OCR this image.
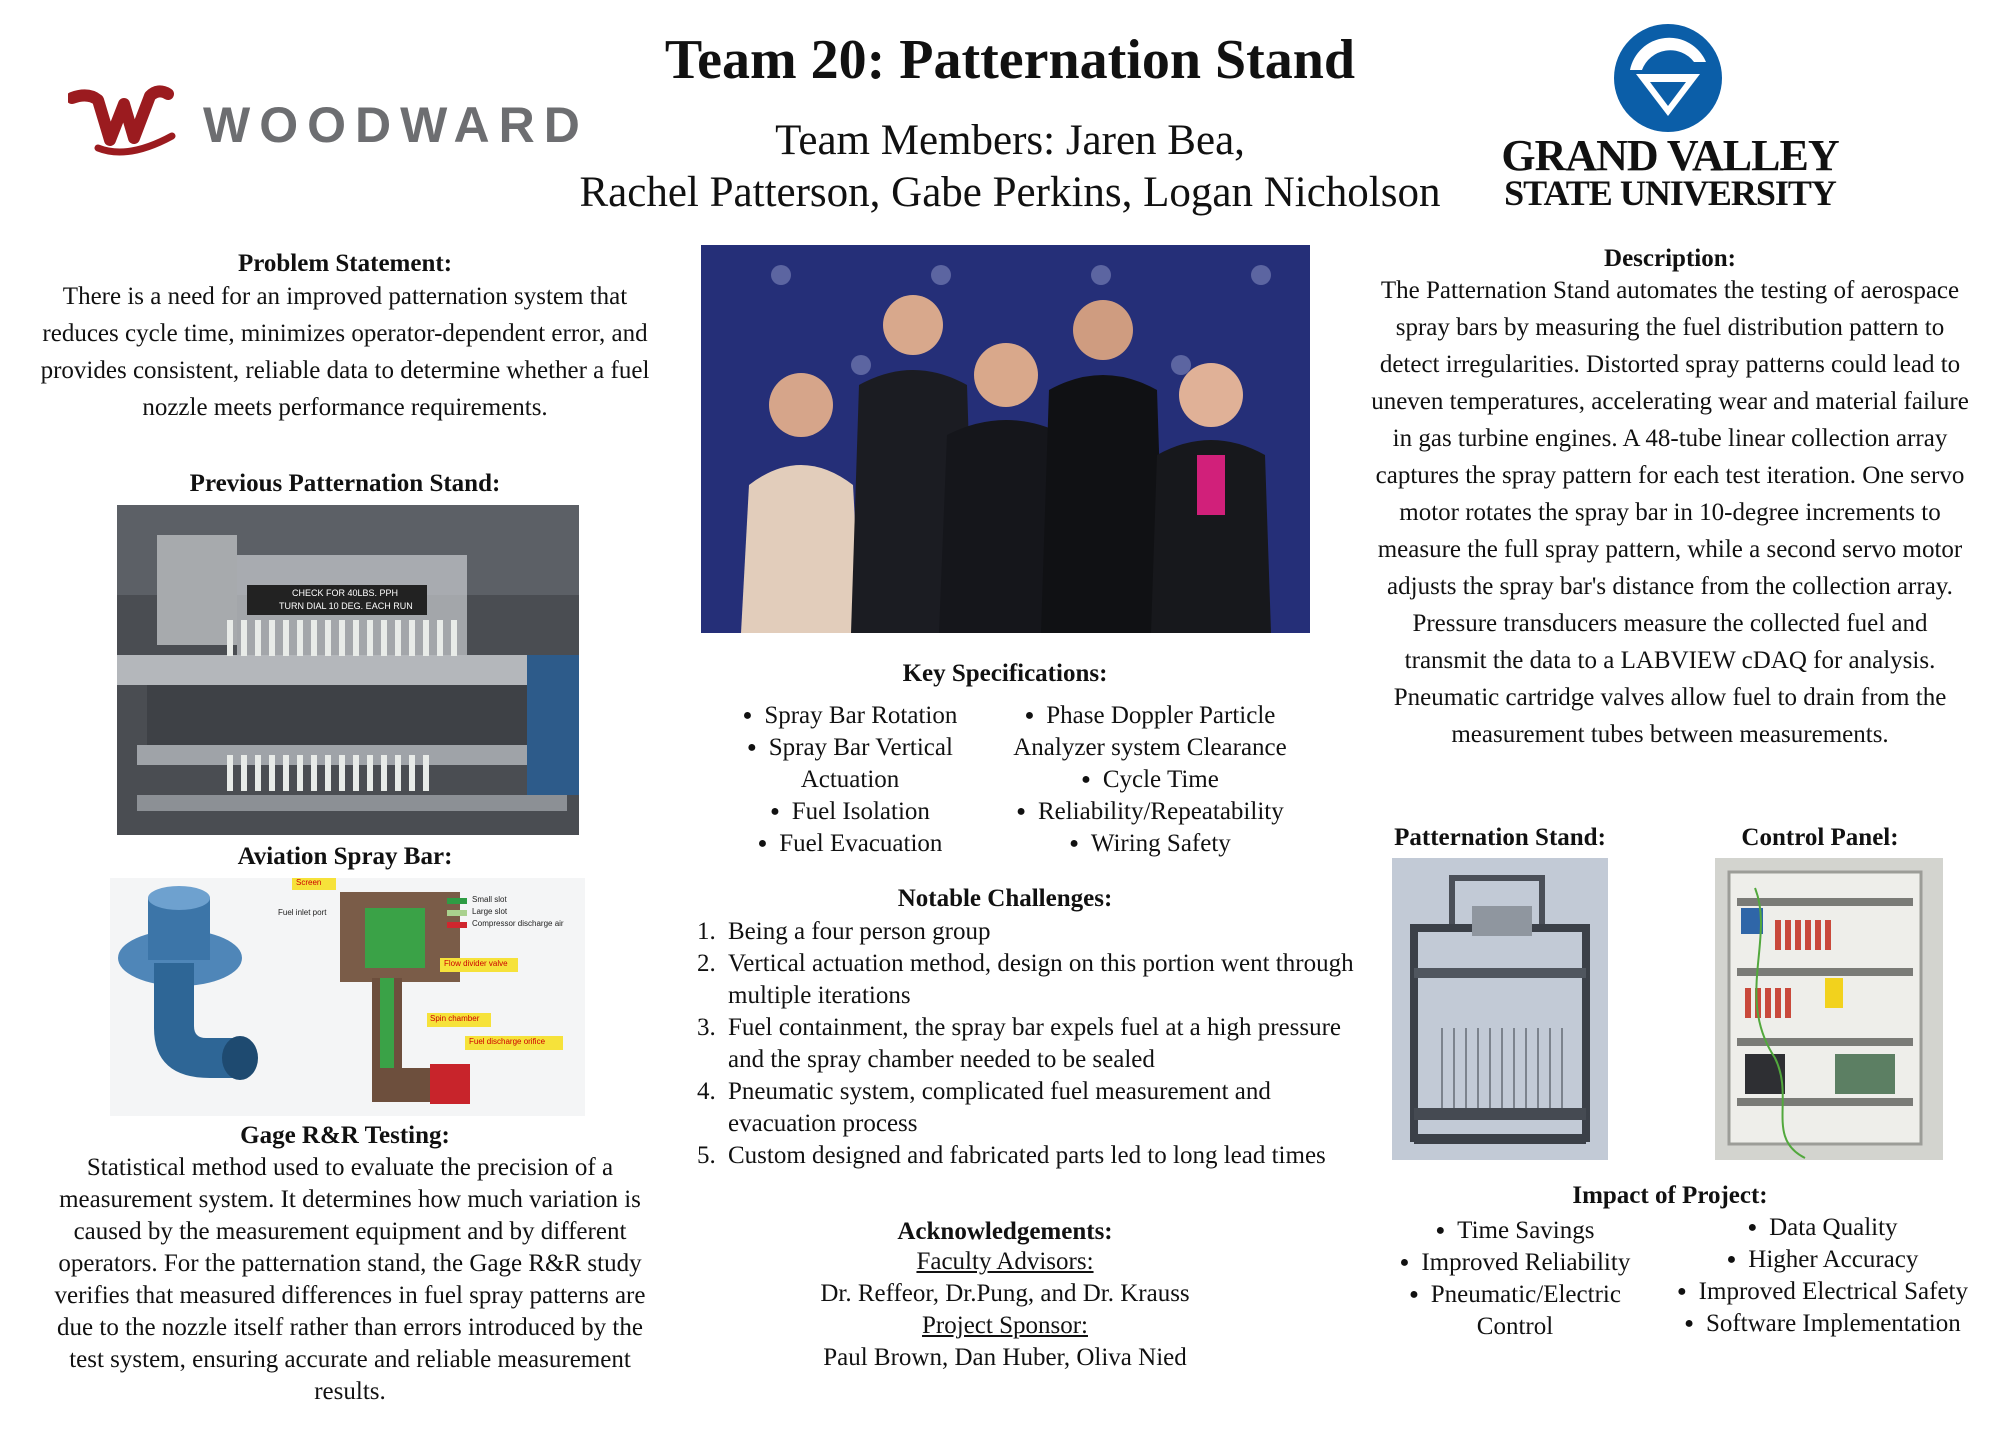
WOODWARD
Team 20: Patternation Stand
Team Members: Jaren Bea,
Rachel Patterson, Gabe Perkins, Logan Nicholson
GRAND VALLEY
STATE UNIVERSITY
Problem Statement:
There is a need for an improved patternation system that reduces cycle time, minimizes operator-dependent error, and provides consistent, reliable data to determine whether a fuel nozzle meets performance requirements.
Previous Patternation Stand:
CHECK FOR 40LBS. PPH
TURN DIAL 10 DEG. EACH RUN
Aviation Spray Bar:
Screen
Fuel inlet port
Small slot
Large slot
Compressor discharge air
Flow divider valve
Spin chamber
Fuel discharge orifice
Gage R&R Testing:
Statistical method used to evaluate the precision of a measurement system. It determines how much variation is caused by the measurement equipment and by different operators. For the patternation stand, the Gage R&R study verifies that measured differences in fuel spray patterns are due to the nozzle itself rather than errors introduced by the test system, ensuring accurate and reliable measurement results.
Key Specifications:
● Spray Bar Rotation
● Spray Bar Vertical Actuation
● Fuel Isolation
● Fuel Evacuation
● Phase Doppler Particle Analyzer system Clearance
● Cycle Time
● Reliability/Repeatability
● Wiring Safety
Notable Challenges:
1. Being a four person group
2. Vertical actuation method, design on this portion went through multiple iterations
3. Fuel containment, the spray bar expels fuel at a high pressure and the spray chamber needed to be sealed
4. Pneumatic system, complicated fuel measurement and evacuation process
5. Custom designed and fabricated parts led to long lead times
Acknowledgements:
Faculty Advisors:
Dr. Reffeor, Dr.Pung, and Dr. Krauss
Project Sponsor:
Paul Brown, Dan Huber, Oliva Nied
Description:
The Patternation Stand automates the testing of aerospace spray bars by measuring the fuel distribution pattern to detect irregularities. Distorted spray patterns could lead to uneven temperatures, accelerating wear and material failure in gas turbine engines. A 48-tube linear collection array captures the spray pattern for each test iteration. One servo motor rotates the spray bar in 10-degree increments to measure the full spray pattern, while a second servo motor adjusts the spray bar's distance from the collection array. Pressure transducers measure the collected fuel and transmit the data to a LABVIEW cDAQ for analysis. Pneumatic cartridge valves allow fuel to drain from the measurement tubes between measurements.
Patternation Stand:	Control Panel:
Impact of Project:
● Time Savings
● Improved Reliability
● Pneumatic/Electric Control
● Data Quality
● Higher Accuracy
● Improved Electrical Safety
● Software Implementation
